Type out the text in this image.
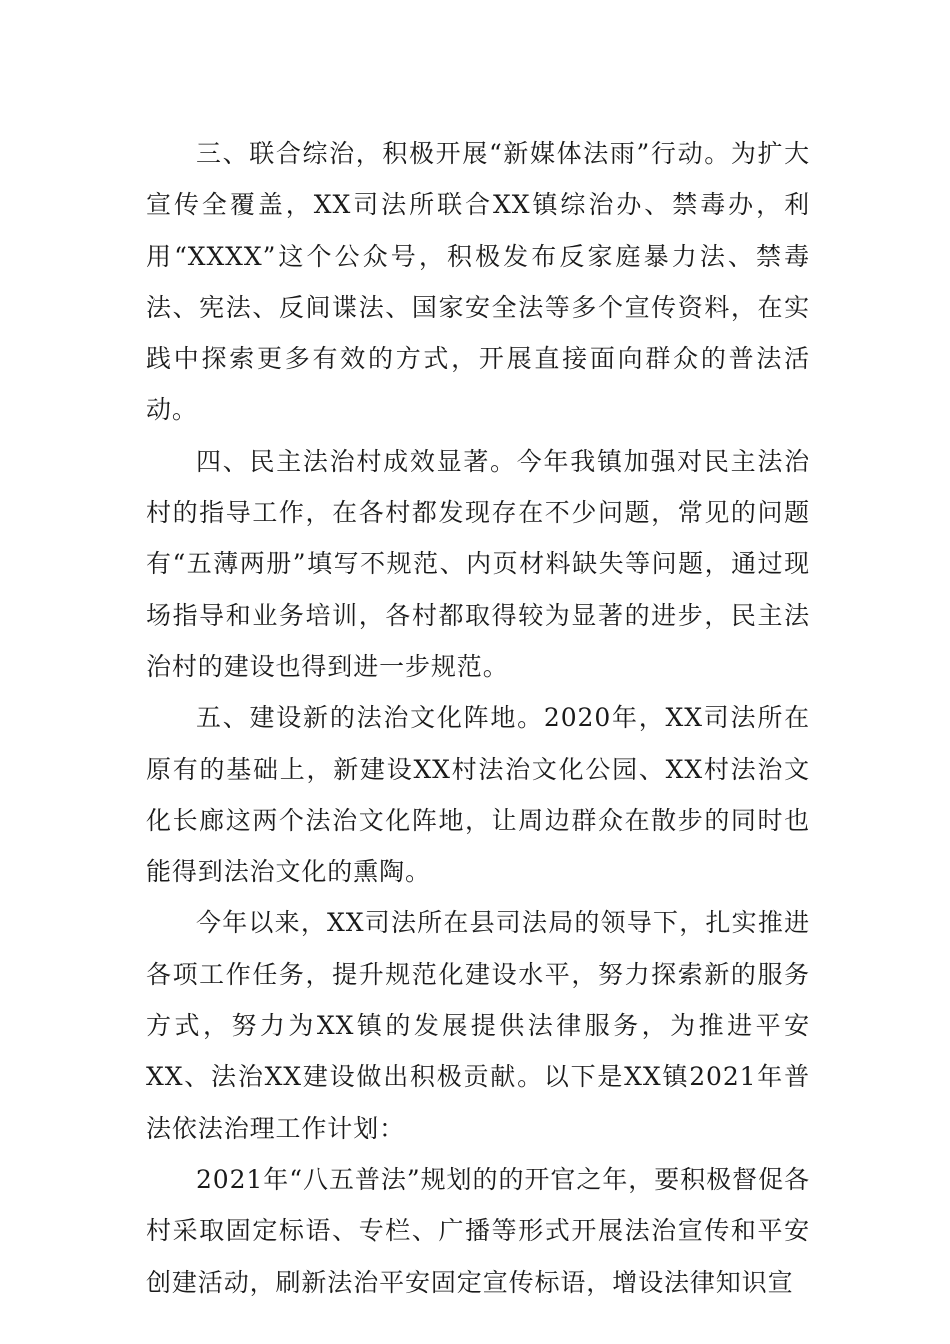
三、联合综治，积极开展“新媒体法雨”行动。为扩大宣传全覆盖，XX司法所联合XX镇综治办、禁毒办，利用“XXXX”这个公众号，积极发布反家庭暴力法、禁毒法、宪法、反间谍法、国家安全法等多个宣传资料，在实践中探索更多有效的方式，开展直接面向群众的普法活动。

四、民主法治村成效显著。今年我镇加强对民主法治村的指导工作，在各村都发现存在不少问题，常见的问题有“五薄两册”填写不规范、内页材料缺失等问题，通过现场指导和业务培训，各村都取得较为显著的进步，民主法治村的建设也得到进一步规范。

五、建设新的法治文化阵地。2020年，XX司法所在原有的基础上，新建设XX村法治文化公园、XX村法治文化长廊这两个法治文化阵地，让周边群众在散步的同时也能得到法治文化的熏陶。

今年以来，XX司法所在县司法局的领导下，扎实推进各项工作任务，提升规范化建设水平，努力探索新的服务方式，努力为XX镇的发展提供法律服务，为推进平安XX、法治XX建设做出积极贡献。以下是XX镇2021年普法依法治理工作计划：

2021年“八五普法”规划的的开官之年，要积极督促各村采取固定标语、专栏、广播等形式开展法治宣传和平安创建活动，刷新法治平安固定宣传标语，增设法律知识宣
